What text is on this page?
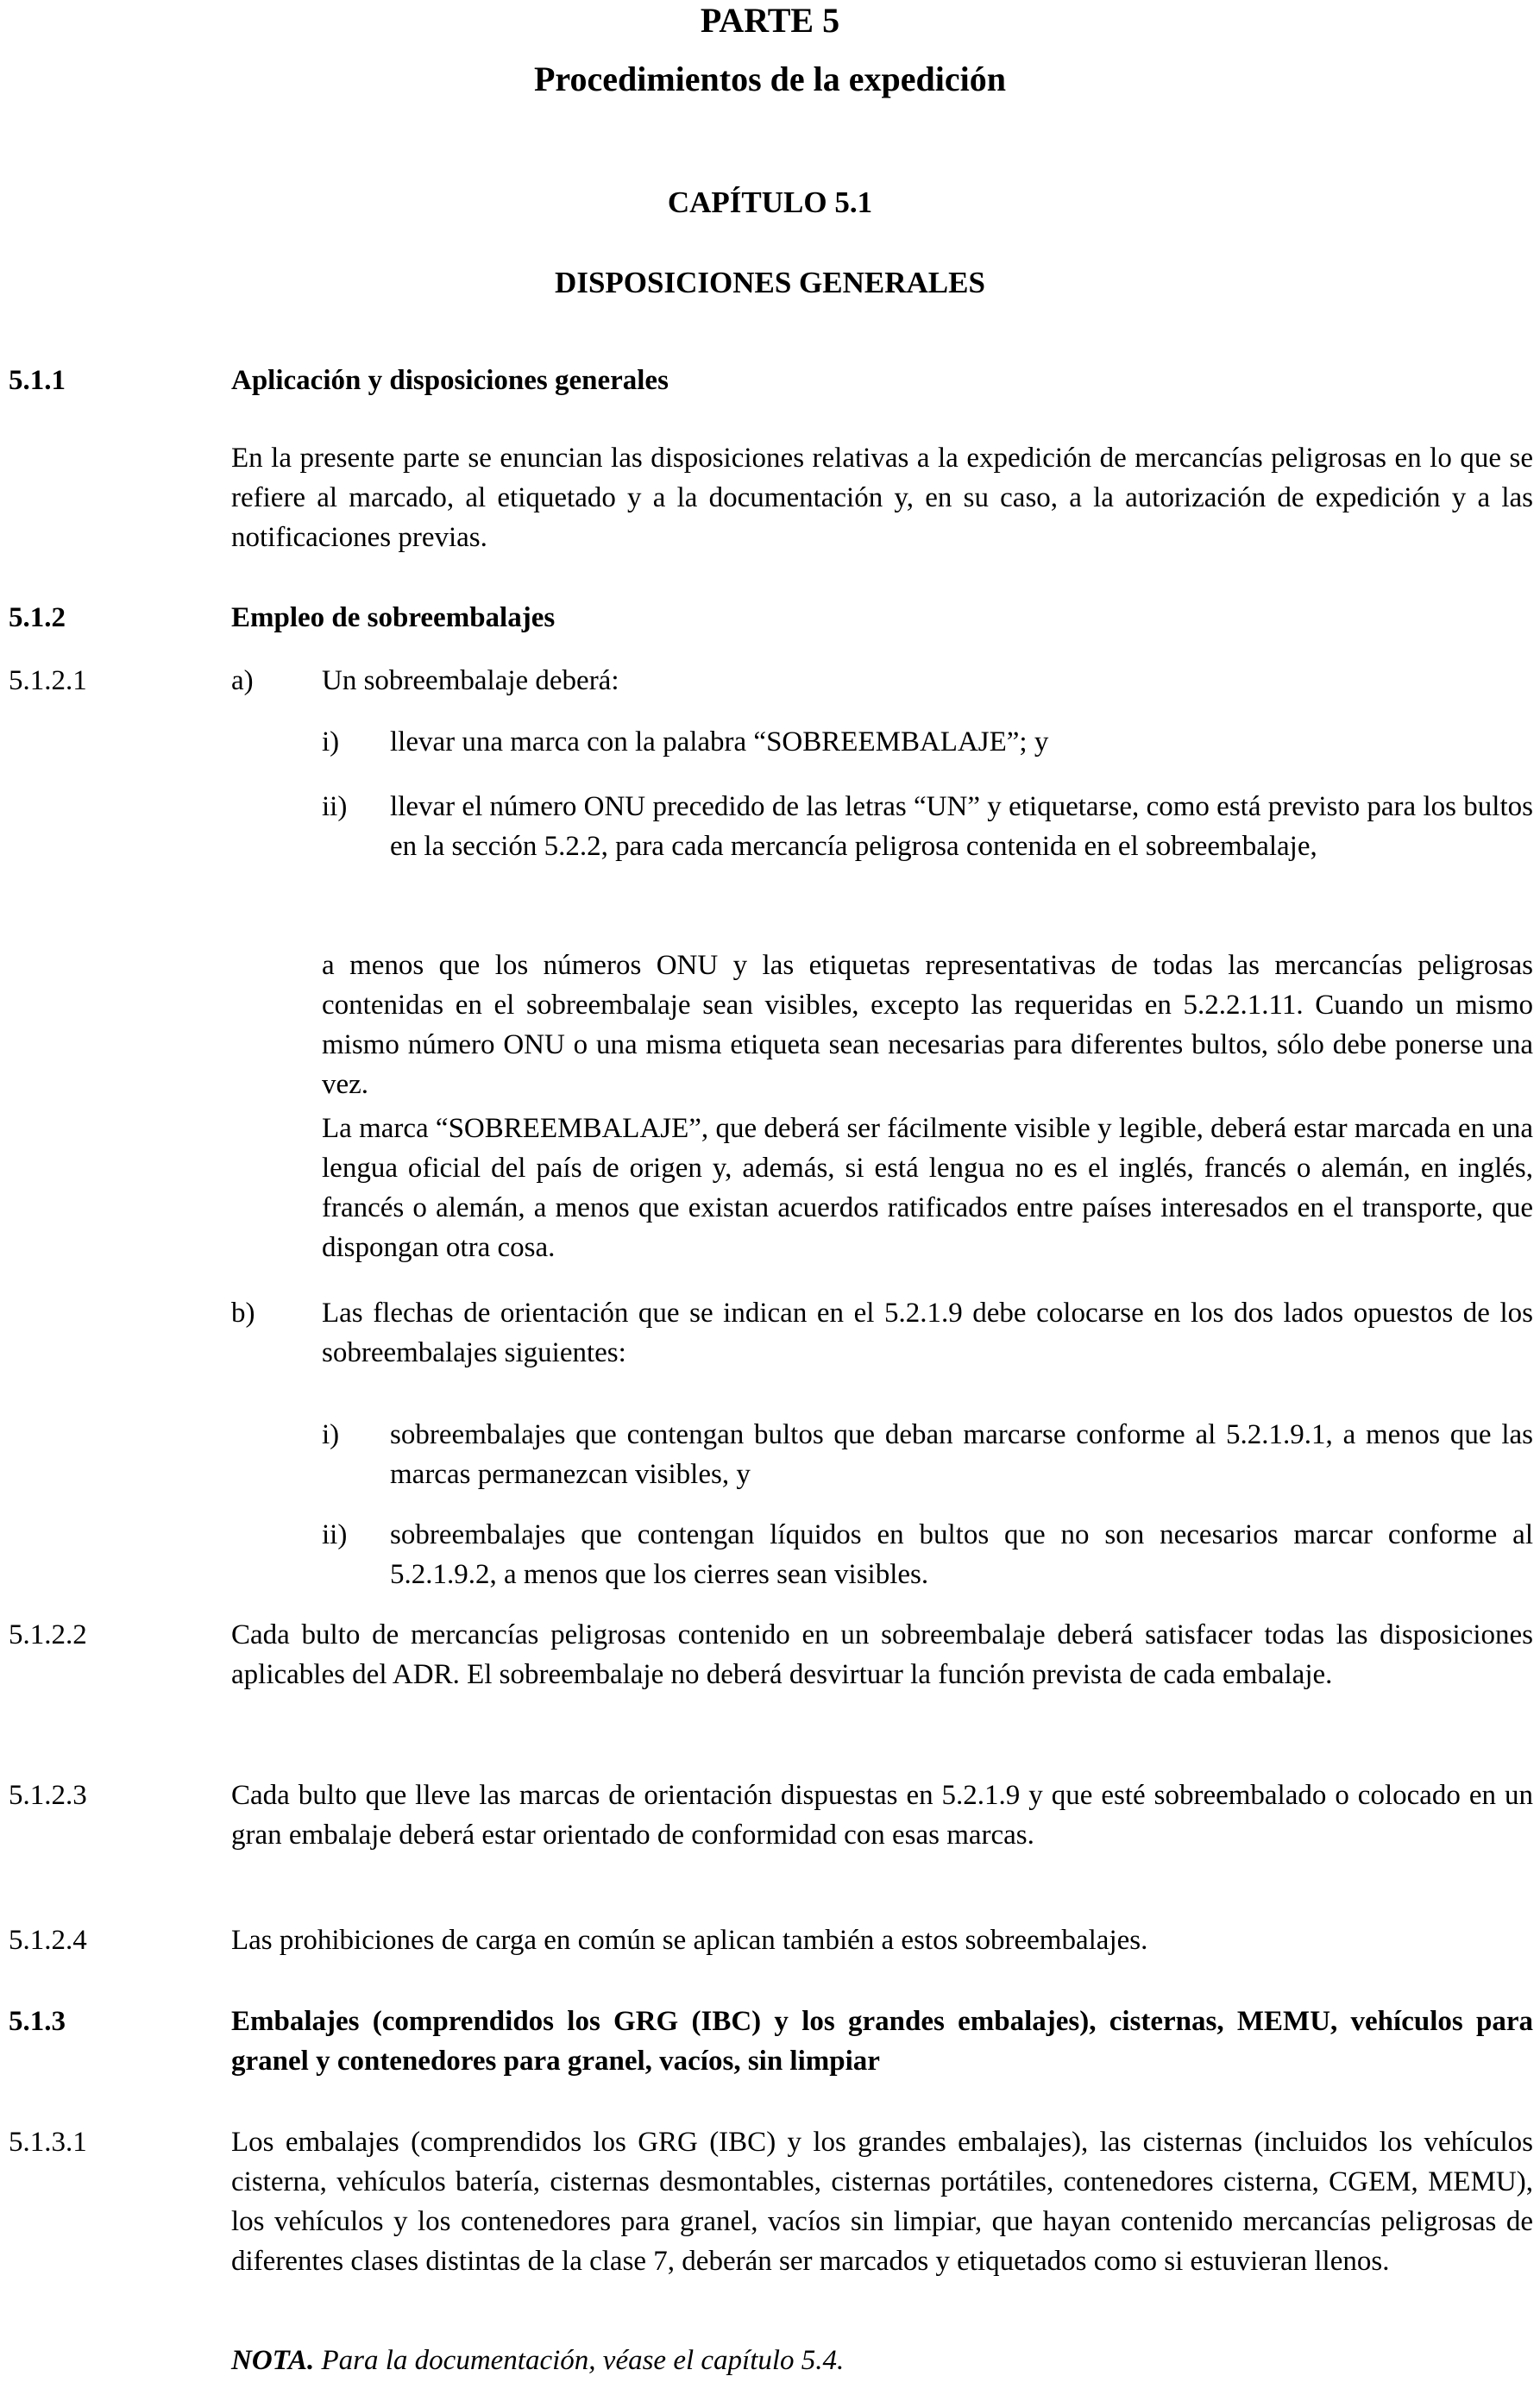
PARTE 5
Procedimientos de la expedición
CAPÍTULO 5.1
DISPOSICIONES GENERALES
5.1.1	Aplicación y disposiciones generales
En la presente parte se enuncian las disposiciones relativas a la expedición de mercancías peligrosas en lo que se refiere al marcado, al etiquetado y a la documentación y, en su caso, a la autorización de expedición y a las notificaciones previas.
5.1.2	Empleo de sobreembalajes
5.1.2.1	a) Un sobreembalaje deberá:
i) llevar una marca con la palabra “SOBREEMBALAJE”; y
ii) llevar el número ONU precedido de las letras “UN” y etiquetarse, como está previsto para los bultos en la sección 5.2.2, para cada mercancía peligrosa contenida en el sobreembalaje,
a menos que los números ONU y las etiquetas representativas de todas las mercancías peligrosas contenidas en el sobreembalaje sean visibles, excepto las requeridas en 5.2.2.1.11. Cuando un mismo mismo número ONU o una misma etiqueta sean necesarias para diferentes bultos, sólo debe ponerse una vez.
La marca “SOBREEMBALAJE”, que deberá ser fácilmente visible y legible, deberá estar marcada en una lengua oficial del país de origen y, además, si está lengua no es el inglés, francés o alemán, en inglés, francés o alemán, a menos que existan acuerdos ratificados entre países interesados en el transporte, que dispongan otra cosa.
b) Las flechas de orientación que se indican en el 5.2.1.9 debe colocarse en los dos lados opuestos de los sobreembalajes siguientes:
i) sobreembalajes que contengan bultos que deban marcarse conforme al 5.2.1.9.1, a menos que las marcas permanezcan visibles, y
ii) sobreembalajes que contengan líquidos en bultos que no son necesarios marcar conforme al 5.2.1.9.2, a menos que los cierres sean visibles.
5.1.2.2	Cada bulto de mercancías peligrosas contenido en un sobreembalaje deberá satisfacer todas las disposiciones aplicables del ADR. El sobreembalaje no deberá desvirtuar la función prevista de cada embalaje.
5.1.2.3	Cada bulto que lleve las marcas de orientación dispuestas en 5.2.1.9 y que esté sobreembalado o colocado en un gran embalaje deberá estar orientado de conformidad con esas marcas.
5.1.2.4	Las prohibiciones de carga en común se aplican también a estos sobreembalajes.
5.1.3	Embalajes (comprendidos los GRG (IBC) y los grandes embalajes), cisternas, MEMU, vehículos para granel y contenedores para granel, vacíos, sin limpiar
5.1.3.1	Los embalajes (comprendidos los GRG (IBC) y los grandes embalajes), las cisternas (incluidos los vehículos cisterna, vehículos batería, cisternas desmontables, cisternas portátiles, contenedores cisterna, CGEM, MEMU), los vehículos y los contenedores para granel, vacíos sin limpiar, que hayan contenido mercancías peligrosas de diferentes clases distintas de la clase 7, deberán ser marcados y etiquetados como si estuvieran llenos.
NOTA. Para la documentación, véase el capítulo 5.4.
